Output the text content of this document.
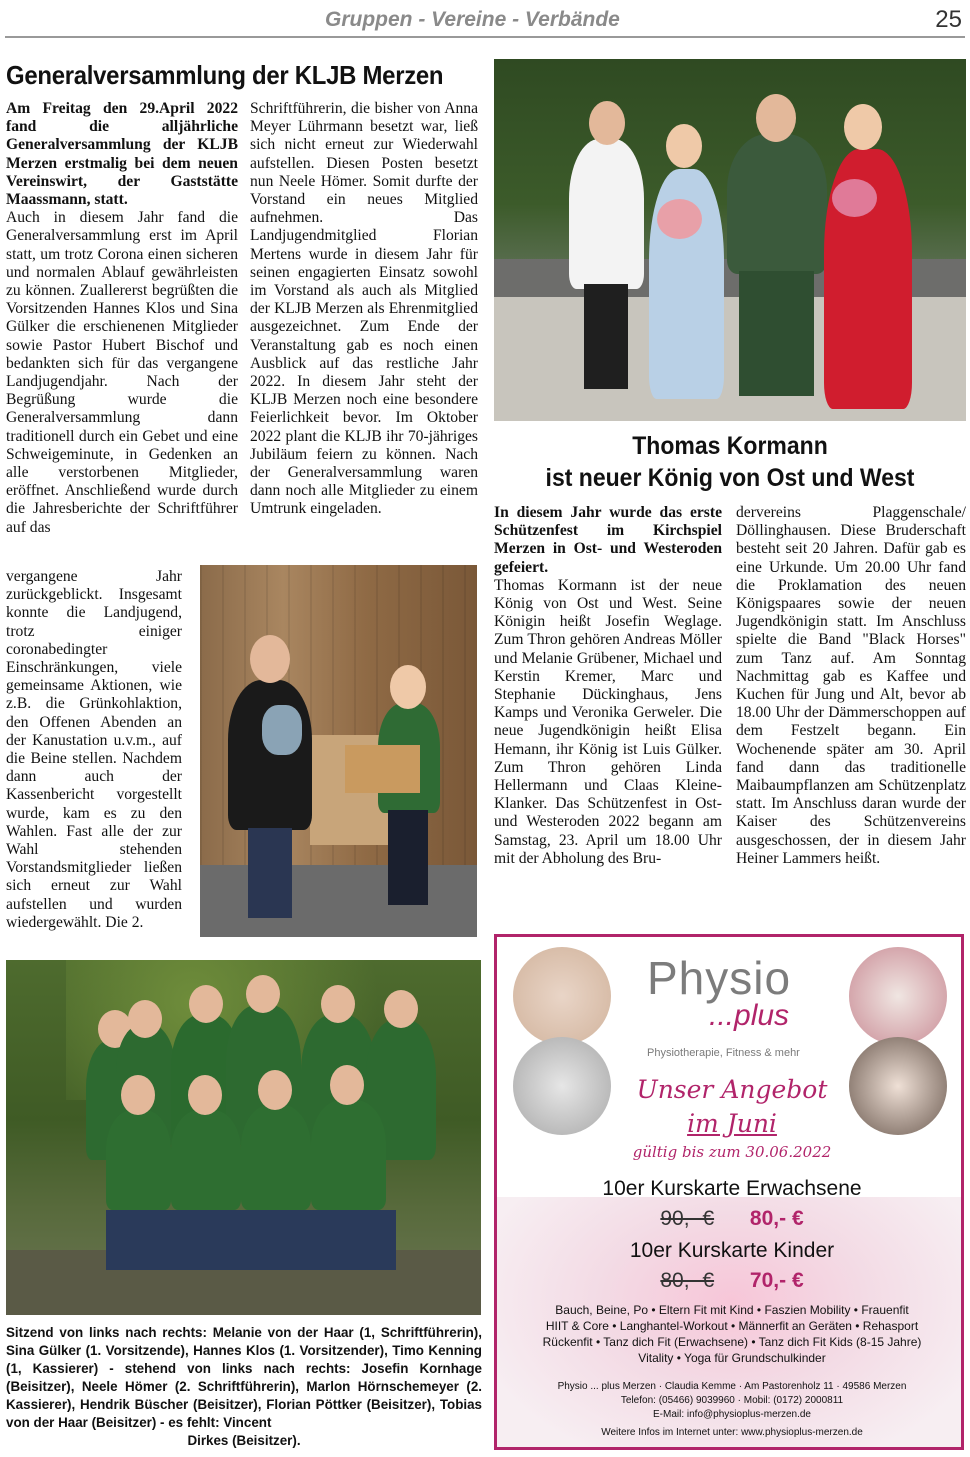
Gruppen - Vereine - Verbände	25
Generalversammlung der KLJB Merzen

Am Freitag den 29.April 2022 fand die alljährliche Generalversammlung der KLJB Merzen erstmalig bei dem neuen Vereinswirt, der Gaststätte Maassmann, statt.

Auch in diesem Jahr fand die Generalversammlung erst im April statt, um trotz Corona einen sicheren und normalen Ablauf gewährleisten zu können. Zuallererst begrüßten die Vorsitzenden Hannes Klos und Sina Gülker die erschienenen Mitglieder sowie Pastor Hubert Bischof und bedankten sich für das vergangene Landjugendjahr. Nach der Begrüßung wurde die Generalversammlung dann traditionell durch ein Gebet und eine Schweigeminute, in Gedenken an alle verstorbenen Mitglieder, eröffnet. Anschließend wurde durch die Jahresberichte der Schriftführer auf das

vergangene Jahr zurückgeblickt. Insgesamt konnte die Landjugend, trotz einiger coronabedingter Einschränkungen, viele gemeinsame Aktionen, wie z.B. die Grünkohlaktion, den Offenen Abenden an der Kanustation u.v.m., auf die Beine stellen. Nachdem dann auch der Kassenbericht vorgestellt wurde, kam es zu den Wahlen. Fast alle der zur Wahl stehenden Vorstandsmitglieder ließen sich erneut zur Wahl aufstellen und wurden wiedergewählt. Die 2.

Schriftführerin, die bisher von Anna Meyer Lührmann besetzt war, ließ sich nicht erneut zur Wiederwahl aufstellen. Diesen Posten besetzt nun Neele Hömer. Somit durfte der Vorstand ein neues Mitglied aufnehmen. Das Landjugendmitglied Florian Mertens wurde in diesem Jahr für seinen engagierten Einsatz sowohl im Vorstand als auch als Mitglied der KLJB Merzen als Ehrenmitglied ausgezeichnet. Zum Ende der Veranstaltung gab es noch einen Ausblick auf das restliche Jahr 2022. In diesem Jahr steht der KLJB Merzen noch eine besondere Feierlichkeit bevor. Im Oktober 2022 plant die KLJB ihr 70-jähriges Jubiläum feiern zu können. Nach der Generalversammlung waren dann noch alle Mitglieder zu einem Umtrunk eingeladen.

Sitzend von links nach rechts: Melanie von der Haar (1, Schriftführerin), Sina Gülker (1. Vorsitzende), Hannes Klos (1. Vorsitzender), Timo Kenning (1, Kassierer) - stehend von links nach rechts: Josefin Kornhage (Beisitzer), Neele Hömer (2. Schriftführerin), Marlon Hörnschemeyer (2. Kassierer), Hendrik Büscher (Beisitzer), Florian Pöttker (Beisitzer), Tobias von der Haar (Beisitzer) - es fehlt: Vincent
Dirkes (Beisitzer).
Thomas Kormann
ist neuer König von Ost und West

In diesem Jahr wurde das erste Schützenfest im Kirchspiel Merzen in Ost- und Westeroden gefeiert.

Thomas Kormann ist der neue König von Ost und West. Seine Königin heißt Josefin Weglage. Zum Thron gehören Andreas Möller und Melanie Grübener, Michael und Kerstin Kremer, Marc und Stephanie Dückinghaus, Jens Kamps und Veronika Gerweler. Die neue Jugendkönigin heißt Elisa Hemann, ihr König ist Luis Gülker. Zum Thron gehören Linda Hellermann und Claas Kleine-Klanker. Das Schützenfest in Ost- und Westeroden 2022 begann am Samstag, 23. April um 18.00 Uhr mit der Abholung des Bru-

dervereins Plaggenschale/ Döllinghausen. Diese Bruderschaft besteht seit 20 Jahren. Dafür gab es eine Urkunde. Um 20.00 Uhr fand die Proklamation des neuen Königspaares sowie der neuen Jugendkönigin statt. Im Anschluss spielte die Band "Black Horses" zum Tanz auf. Am Sonntag Nachmittag gab es Kaffee und Kuchen für Jung und Alt, bevor ab 18.00 Uhr der Dämmerschoppen auf dem Festzelt begann. Ein Wochenende später am 30. April fand dann das traditionelle Maibaumpflanzen am Schützenplatz statt. Im Anschluss daran wurde der Kaiser des Schützenvereins ausgeschossen, der in diesem Jahr Heiner Lammers heißt.

Physio
...plus
Physiotherapie, Fitness & mehr
Unser Angebot
im Juni
gültig bis zum 30.06.2022
10er Kurskarte Erwachsene
90,- € 80,- €
10er Kurskarte Kinder
80,- € 70,- €
Bauch, Beine, Po • Eltern Fit mit Kind • Faszien Mobility • Frauenfit
HIIT & Core • Langhantel-Workout • Männerfit an Geräten • Rehasport
Rückenfit • Tanz dich Fit (Erwachsene) • Tanz dich Fit Kids (8-15 Jahre)
Vitality • Yoga für Grundschulkinder
Physio ... plus Merzen · Claudia Kemme · Am Pastorenholz 11 · 49586 Merzen
Telefon: (05466) 9039960 · Mobil: (0172) 2000811
E-Mail: info@physioplus-merzen.de
Weitere Infos im Internet unter: www.physioplus-merzen.de
